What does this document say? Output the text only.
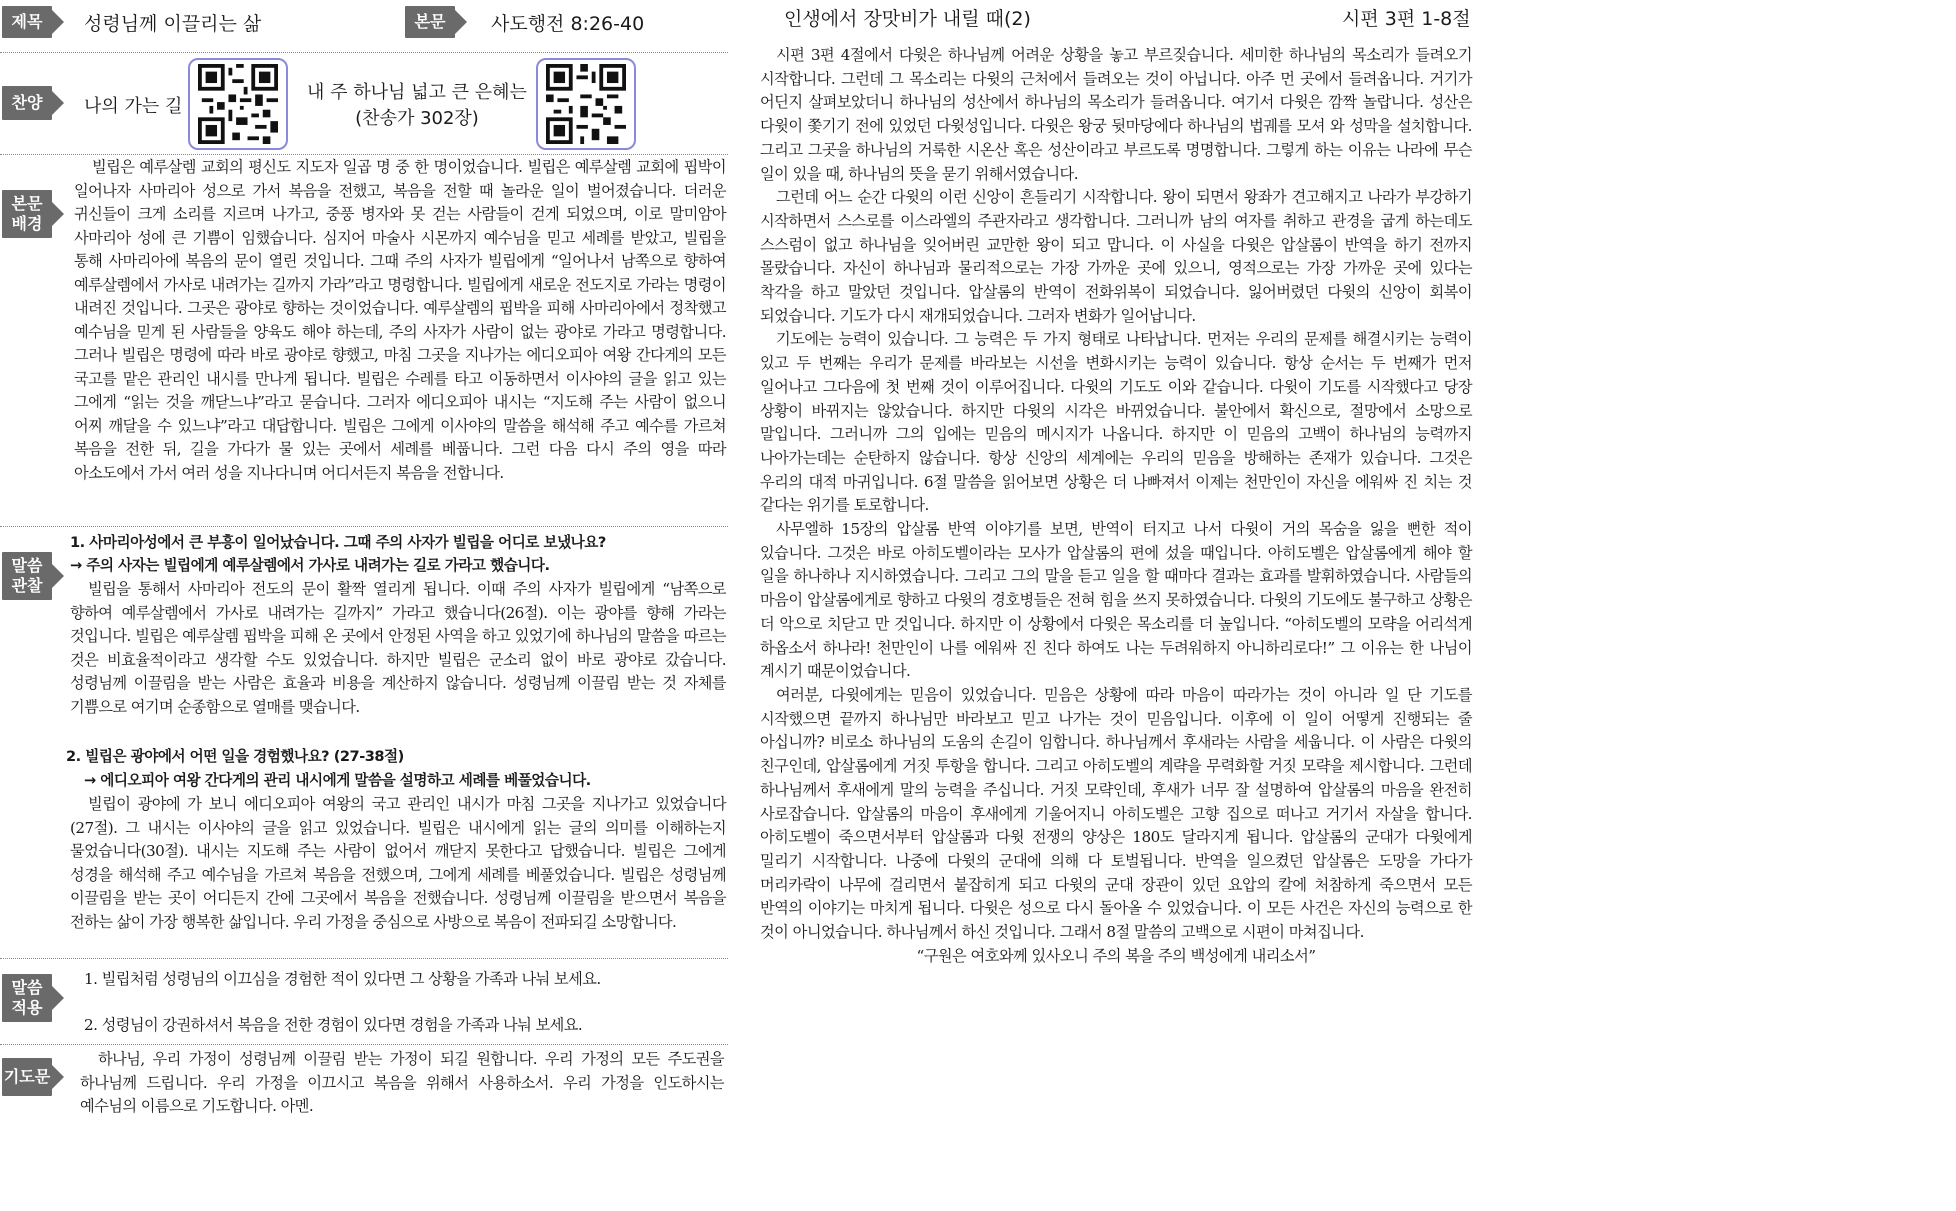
제목	성령님께 이끌리는 삶	본문	사도행전 8:26-40
찬양	나의 가는 길
내 주 하나님 넓고 큰 은혜는
(찬송가 302장)
본문 배경

빌립은 예루살렘 교회의 평신도 지도자 일곱 명 중 한 명이었습니다. 빌립은 예루살렘 교회에 핍박이 일어나자 사마리아 성으로 가서 복음을 전했고, 복음을 전할 때 놀라운 일이 벌어졌습니다. 더러운 귀신들이 크게 소리를 지르며 나가고, 중풍 병자와 못 걷는 사람들이 걷게 되었으며, 이로 말미암아 사마리아 성에 큰 기쁨이 임했습니다. 심지어 마술사 시몬까지 예수님을 믿고 세례를 받았고, 빌립을 통해 사마리아에 복음의 문이 열린 것입니다. 그때 주의 사자가 빌립에게 “일어나서 남쪽으로 향하여 예루살렘에서 가사로 내려가는 길까지 가라”라고 명령합니다. 빌립에게 새로운 전도지로 가라는 명령이 내려진 것입니다. 그곳은 광야로 향하는 것이었습니다. 예루살렘의 핍박을 피해 사마리아에서 정착했고 예수님을 믿게 된 사람들을 양육도 해야 하는데, 주의 사자가 사람이 없는 광야로 가라고 명령합니다. 그러나 빌립은 명령에 따라 바로 광야로 향했고, 마침 그곳을 지나가는 에디오피아 여왕 간다게의 모든 국고를 맡은 관리인 내시를 만나게 됩니다. 빌립은 수레를 타고 이동하면서 이사야의 글을 읽고 있는 그에게 “읽는 것을 깨닫느냐”라고 묻습니다. 그러자 에디오피아 내시는 “지도해 주는 사람이 없으니 어찌 깨달을 수 있느냐”라고 대답합니다. 빌립은 그에게 이사야의 말씀을 해석해 주고 예수를 가르쳐 복음을 전한 뒤, 길을 가다가 물 있는 곳에서 세례를 베풉니다. 그런 다음 다시 주의 영을 따라 아소도에서 가서 여러 성을 지나다니며 어디서든지 복음을 전합니다.

말씀 관찰
1. 사마리아성에서 큰 부흥이 일어났습니다. 그때 주의 사자가 빌립을 어디로 보냈나요?
→ 주의 사자는 빌립에게 예루살렘에서 가사로 내려가는 길로 가라고 했습니다.

빌립을 통해서 사마리아 전도의 문이 활짝 열리게 됩니다. 이때 주의 사자가 빌립에게 “남쪽으로 향하여 예루살렘에서 가사로 내려가는 길까지” 가라고 했습니다(26절). 이는 광야를 향해 가라는 것입니다. 빌립은 예루살렘 핍박을 피해 온 곳에서 안정된 사역을 하고 있었기에 하나님의 말씀을 따르는 것은 비효율적이라고 생각할 수도 있었습니다. 하지만 빌립은 군소리 없이 바로 광야로 갔습니다. 성령님께 이끌림을 받는 사람은 효율과 비용을 계산하지 않습니다. 성령님께 이끌림 받는 것 자체를 기쁨으로 여기며 순종함으로 열매를 맺습니다.

2. 빌립은 광야에서 어떤 일을 경험했나요? (27-38절)
→ 에디오피아 여왕 간다게의 관리 내시에게 말씀을 설명하고 세례를 베풀었습니다.

빌립이 광야에 가 보니 에디오피아 여왕의 국고 관리인 내시가 마침 그곳을 지나가고 있었습니다(27절). 그 내시는 이사야의 글을 읽고 있었습니다. 빌립은 내시에게 읽는 글의 의미를 이해하는지 물었습니다(30절). 내시는 지도해 주는 사람이 없어서 깨닫지 못한다고 답했습니다. 빌립은 그에게 성경을 해석해 주고 예수님을 가르쳐 복음을 전했으며, 그에게 세례를 베풀었습니다. 빌립은 성령님께 이끌림을 받는 곳이 어디든지 간에 그곳에서 복음을 전했습니다. 성령님께 이끌림을 받으면서 복음을 전하는 삶이 가장 행복한 삶입니다. 우리 가정을 중심으로 사방으로 복음이 전파되길 소망합니다.

말씀 적용

1. 빌립처럼 성령님의 이끄심을 경험한 적이 있다면 그 상황을 가족과 나눠 보세요.

2. 성령님이 강권하셔서 복음을 전한 경험이 있다면 경험을 가족과 나눠 보세요.

기도문

하나님, 우리 가정이 성령님께 이끌림 받는 가정이 되길 원합니다. 우리 가정의 모든 주도권을 하나님께 드립니다. 우리 가정을 이끄시고 복음을 위해서 사용하소서. 우리 가정을 인도하시는 예수님의 이름으로 기도합니다. 아멘.

인생에서 장맛비가 내릴 때(2)	시편 3편 1-8절

시편 3편 4절에서 다윗은 하나님께 어려운 상황을 놓고 부르짖습니다. 세미한 하나님의 목소리가 들려오기 시작합니다. 그런데 그 목소리는 다윗의 근처에서 들려오는 것이 아닙니다. 아주 먼 곳에서 들려옵니다. 거기가 어딘지 살펴보았더니 하나님의 성산에서 하나님의 목소리가 들려옵니다. 여기서 다윗은 깜짝 놀랍니다. 성산은 다윗이 쫓기기 전에 있었던 다윗성입니다. 다윗은 왕궁 뒷마당에다 하나님의 법궤를 모셔 와 성막을 설치합니다. 그리고 그곳을 하나님의 거룩한 시온산 혹은 성산이라고 부르도록 명명합니다. 그렇게 하는 이유는 나라에 무슨 일이 있을 때, 하나님의 뜻을 묻기 위해서였습니다.

그런데 어느 순간 다윗의 이런 신앙이 흔들리기 시작합니다. 왕이 되면서 왕좌가 견고해지고 나라가 부강하기 시작하면서 스스로를 이스라엘의 주관자라고 생각합니다. 그러니까 남의 여자를 취하고 관경을 굽게 하는데도 스스럼이 없고 하나님을 잊어버린 교만한 왕이 되고 맙니다. 이 사실을 다윗은 압살롬이 반역을 하기 전까지 몰랐습니다. 자신이 하나님과 물리적으로는 가장 가까운 곳에 있으니, 영적으로는 가장 가까운 곳에 있다는 착각을 하고 말았던 것입니다. 압살롬의 반역이 전화위복이 되었습니다. 잃어버렸던 다윗의 신앙이 회복이 되었습니다. 기도가 다시 재개되었습니다. 그러자 변화가 일어납니다.

기도에는 능력이 있습니다. 그 능력은 두 가지 형태로 나타납니다. 먼저는 우리의 문제를 해결시키는 능력이 있고 두 번째는 우리가 문제를 바라보는 시선을 변화시키는 능력이 있습니다. 항상 순서는 두 번째가 먼저 일어나고 그다음에 첫 번째 것이 이루어집니다. 다윗의 기도도 이와 같습니다. 다윗이 기도를 시작했다고 당장 상황이 바뀌지는 않았습니다. 하지만 다윗의 시각은 바뀌었습니다. 불안에서 확신으로, 절망에서 소망으로 말입니다. 그러니까 그의 입에는 믿음의 메시지가 나옵니다. 하지만 이 믿음의 고백이 하나님의 능력까지 나아가는데는 순탄하지 않습니다. 항상 신앙의 세계에는 우리의 믿음을 방해하는 존재가 있습니다. 그것은 우리의 대적 마귀입니다. 6절 말씀을 읽어보면 상황은 더 나빠져서 이제는 천만인이 자신을 에워싸 진 치는 것 같다는 위기를 토로합니다.

사무엘하 15장의 압살롬 반역 이야기를 보면, 반역이 터지고 나서 다윗이 거의 목숨을 잃을 뻔한 적이 있습니다. 그것은 바로 아히도벨이라는 모사가 압살롬의 편에 섰을 때입니다. 아히도벨은 압살롬에게 해야 할 일을 하나하나 지시하였습니다. 그리고 그의 말을 듣고 일을 할 때마다 결과는 효과를 발휘하였습니다. 사람들의 마음이 압살롬에게로 향하고 다윗의 경호병들은 전혀 힘을 쓰지 못하였습니다. 다윗의 기도에도 불구하고 상황은 더 악으로 치닫고 만 것입니다. 하지만 이 상황에서 다윗은 목소리를 더 높입니다. “아히도벨의 모략을 어리석게 하옵소서 하나라! 천만인이 나를 에워싸 진 친다 하여도 나는 두려워하지 아니하리로다!” 그 이유는 한 나님이 계시기 때문이었습니다.

여러분, 다윗에게는 믿음이 있었습니다. 믿음은 상황에 따라 마음이 따라가는 것이 아니라 일 단 기도를 시작했으면 끝까지 하나님만 바라보고 믿고 나가는 것이 믿음입니다. 이후에 이 일이 어떻게 진행되는 줄 아십니까? 비로소 하나님의 도움의 손길이 임합니다. 하나님께서 후새라는 사람을 세웁니다. 이 사람은 다윗의 친구인데, 압살롬에게 거짓 투항을 합니다. 그리고 아히도벨의 계략을 무력화할 거짓 모략을 제시합니다. 그런데 하나님께서 후새에게 말의 능력을 주십니다. 거짓 모략인데, 후새가 너무 잘 설명하여 압살롬의 마음을 완전히 사로잡습니다. 압살롬의 마음이 후새에게 기울어지니 아히도벨은 고향 집으로 떠나고 거기서 자살을 합니다. 아히도벨이 죽으면서부터 압살롬과 다윗 전쟁의 양상은 180도 달라지게 됩니다. 압살롬의 군대가 다윗에게 밀리기 시작합니다. 나중에 다윗의 군대에 의해 다 토벌됩니다. 반역을 일으켰던 압살롬은 도망을 가다가 머리카락이 나무에 걸리면서 붙잡히게 되고 다윗의 군대 장관이 있던 요압의 칼에 처참하게 죽으면서 모든 반역의 이야기는 마치게 됩니다. 다윗은 성으로 다시 돌아올 수 있었습니다. 이 모든 사건은 자신의 능력으로 한 것이 아니었습니다. 하나님께서 하신 것입니다. 그래서 8절 말씀의 고백으로 시편이 마쳐집니다.

“구원은 여호와께 있사오니 주의 복을 주의 백성에게 내리소서”
